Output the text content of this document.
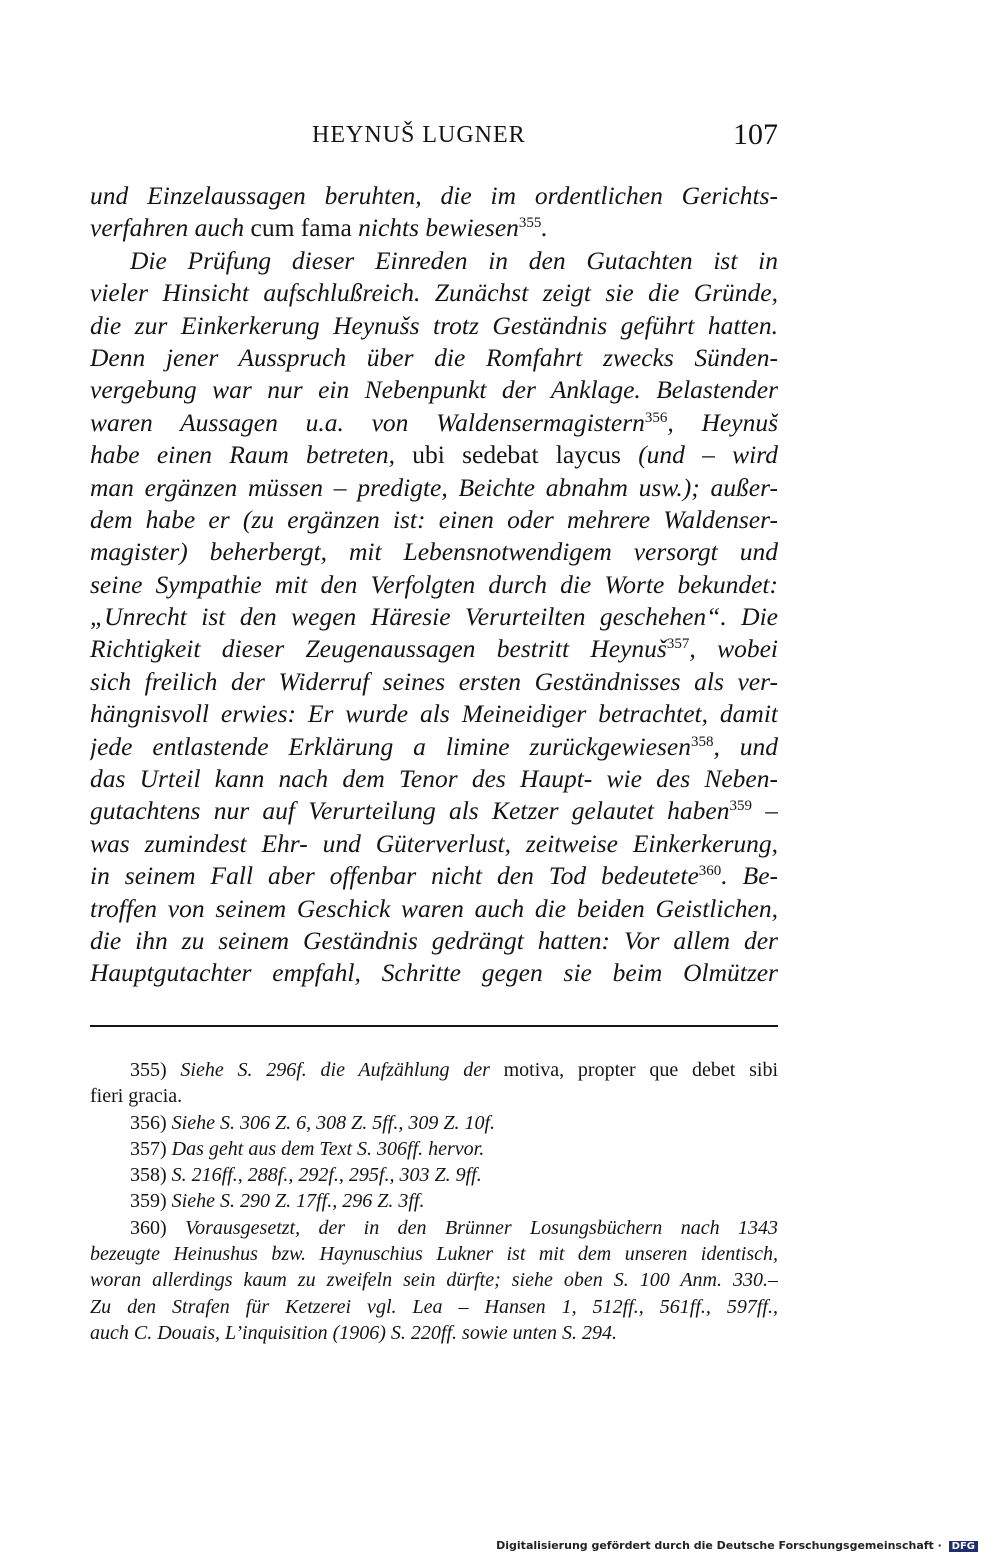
HEYNUŠ LUGNER	107
und Einzelaussagen beruhten, die im ordentlichen Gerichts-
verfahren auch cum fama nichts bewiesen$^{355}$.
Die Prüfung dieser Einreden in den Gutachten ist in
vieler Hinsicht aufschlußreich. Zunächst zeigt sie die Gründe,
die zur Einkerkerung Heynušs trotz Geständnis geführt hatten.
Denn jener Ausspruch über die Romfahrt zwecks Sünden-
vergebung war nur ein Nebenpunkt der Anklage. Belastender
waren Aussagen u.a. von Waldensermagistern$^{356}$, Heynuš
habe einen Raum betreten, ubi sedebat laycus (und – wird
man ergänzen müssen – predigte, Beichte abnahm usw.); außer-
dem habe er (zu ergänzen ist: einen oder mehrere Waldenser-
magister) beherbergt, mit Lebensnotwendigem versorgt und
seine Sympathie mit den Verfolgten durch die Worte bekundet:
„Unrecht ist den wegen Häresie Verurteilten geschehen“. Die
Richtigkeit dieser Zeugenaussagen bestritt Heynuš$^{357}$, wobei
sich freilich der Widerruf seines ersten Geständnisses als ver-
hängnisvoll erwies: Er wurde als Meineidiger betrachtet, damit
jede entlastende Erklärung a limine zurückgewiesen$^{358}$, und
das Urteil kann nach dem Tenor des Haupt- wie des Neben-
gutachtens nur auf Verurteilung als Ketzer gelautet haben$^{359}$ –
was zumindest Ehr- und Güterverlust, zeitweise Einkerkerung,
in seinem Fall aber offenbar nicht den Tod bedeutete$^{360}$. Be-
troffen von seinem Geschick waren auch die beiden Geistlichen,
die ihn zu seinem Geständnis gedrängt hatten: Vor allem der
Hauptgutachter empfahl, Schritte gegen sie beim Olmützer
355) Siehe S. 296f. die Aufzählung der motiva, propter que debet sibi
fieri gracia.
356) Siehe S. 306 Z. 6, 308 Z. 5ff., 309 Z. 10f.
357) Das geht aus dem Text S. 306ff. hervor.
358) S. 216ff., 288f., 292f., 295f., 303 Z. 9ff.
359) Siehe S. 290 Z. 17ff., 296 Z. 3ff.
360) Vorausgesetzt, der in den Brünner Losungsbüchern nach 1343
bezeugte Heinushus bzw. Haynuschius Lukner ist mit dem unseren identisch,
woran allerdings kaum zu zweifeln sein dürfte; siehe oben S. 100 Anm. 330.–
Zu den Strafen für Ketzerei vgl. Lea – Hansen 1, 512ff., 561ff., 597ff.,
auch C. Douais, L’inquisition (1906) S. 220ff. sowie unten S. 294.
Digitalisierung gefördert durch die Deutsche Forschungsgemeinschaft · DFG
